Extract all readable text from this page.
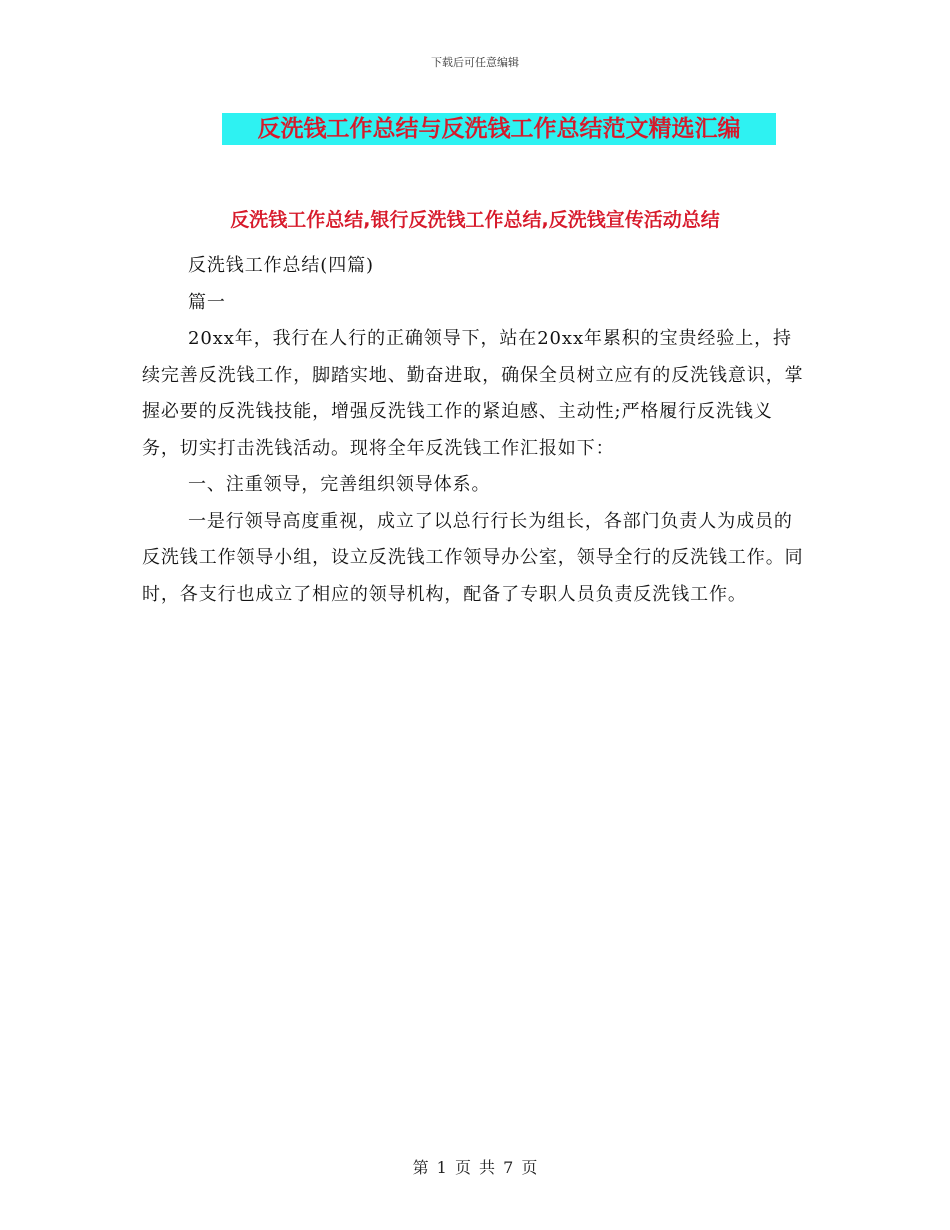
下载后可任意编辑
反洗钱工作总结与反洗钱工作总结范文精选汇编
反洗钱工作总结,银行反洗钱工作总结,反洗钱宣传活动总结

反洗钱工作总结(四篇)

篇一

20xx年，我行在人行的正确领导下，站在20xx年累积的宝贵经验上，持续完善反洗钱工作，脚踏实地、勤奋进取，确保全员树立应有的反洗钱意识，掌握必要的反洗钱技能，增强反洗钱工作的紧迫感、主动性;严格履行反洗钱义务，切实打击洗钱活动。现将全年反洗钱工作汇报如下：

一、注重领导，完善组织领导体系。

一是行领导高度重视，成立了以总行行长为组长，各部门负责人为成员的反洗钱工作领导小组，设立反洗钱工作领导办公室，领导全行的反洗钱工作。同时，各支行也成立了相应的领导机构，配备了专职人员负责反洗钱工作。

第 1 页 共 7 页
